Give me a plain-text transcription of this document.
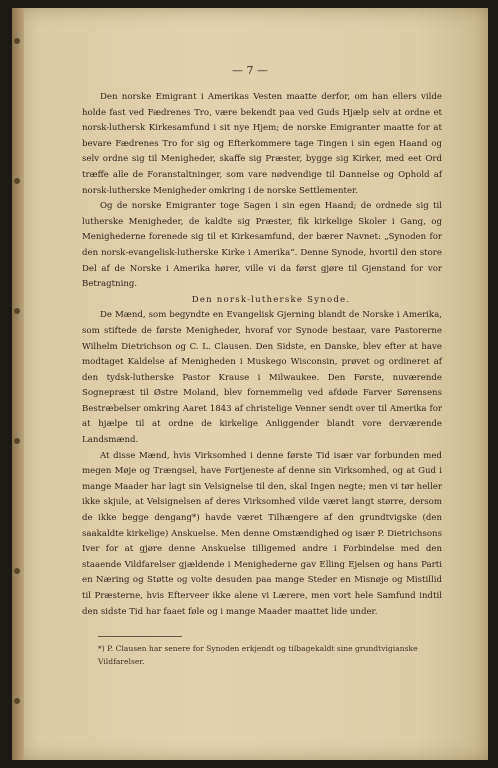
— 7 —

Den norske Emigrant i Amerikas Vesten maatte derfor, om han ellers vilde holde fast ved Fædrenes Tro, være bekendt paa ved Guds Hjælp selv at ordne et norsk-luthersk Kirkesamfund i sit nye Hjem; de norske Emigranter maatte for at bevare Fædrenes Tro for sig og Efterkommere tage Tingen i sin egen Haand og selv ordne sig til Menigheder, skaffe sig Præster, bygge sig Kirker, med eet Ord træffe alle de Foranstaltninger, som vare nødvendige til Dannelse og Ophold af norsk-lutherske Menigheder omkring i de norske Settlementer.

Og de norske Emigranter toge Sagen i sin egen Haand; de ordnede sig til lutherske Menigheder, de kaldte sig Præster, fik kirkelige Skoler i Gang, og Menighederne forenede sig til et Kirkesamfund, der bærer Navnet: „Synoden for den norsk-evangelisk-lutherske Kirke i Amerika“. Denne Synode, hvortil den store Del af de Norske i Amerika hører, ville vi da først gjøre til Gjenstand for vor Betragtning.

Den norsk-lutherske Synode.

De Mænd, som begyndte en Evangelisk Gjerning blandt de Norske i Amerika, som stiftede de første Menigheder, hvoraf vor Synode bestaar, vare Pastorerne Wilhelm Dietrichson og C. L. Clausen. Den Sidste, en Danske, blev efter at have modtaget Kaldelse af Menigheden i Muskego Wisconsin, prøvet og ordineret af den tydsk-lutherske Pastor Krause i Milwaukee. Den Første, nuværende Sognepræst til Østre Moland, blev fornemmelig ved afdøde Farver Sørensens Bestræbelser omkring Aaret 1843 af christelige Venner sendt over til Amerika for at hjælpe til at ordne de kirkelige Anliggender blandt vore derværende Landsmænd.

At disse Mænd, hvis Virksomhed i denne første Tid især var forbunden med megen Møje og Trængsel, have Fortjeneste af denne sin Virksomhed, og at Gud i mange Maader har lagt sin Velsignelse til den, skal Ingen negte; men vi tør heller ikke skjule, at Velsignelsen af deres Virksomhed vilde været langt større, dersom de ikke begge dengang*) havde været Tilhængere af den grundtvigske (den saakaldte kirkelige) Anskuelse. Men denne Omstændighed og især P. Dietrichsons Iver for at gjøre denne Anskuelse tilligemed andre i Forbindelse med den staaende Vildfarelser gjældende i Menighederne gav Elling Ejelsen og hans Parti en Næring og Støtte og volte desuden paa mange Steder en Misnøje og Mistillid til Præsterne, hvis Efterveer ikke alene vi Lærere, men vort hele Samfund indtil den sidste Tid har faaet føle og i mange Maader maattet lide under.

*) P. Clausen har senere for Synoden erkjendt og tilbagekaldt sine grundtvigianske Vildfarelser.
